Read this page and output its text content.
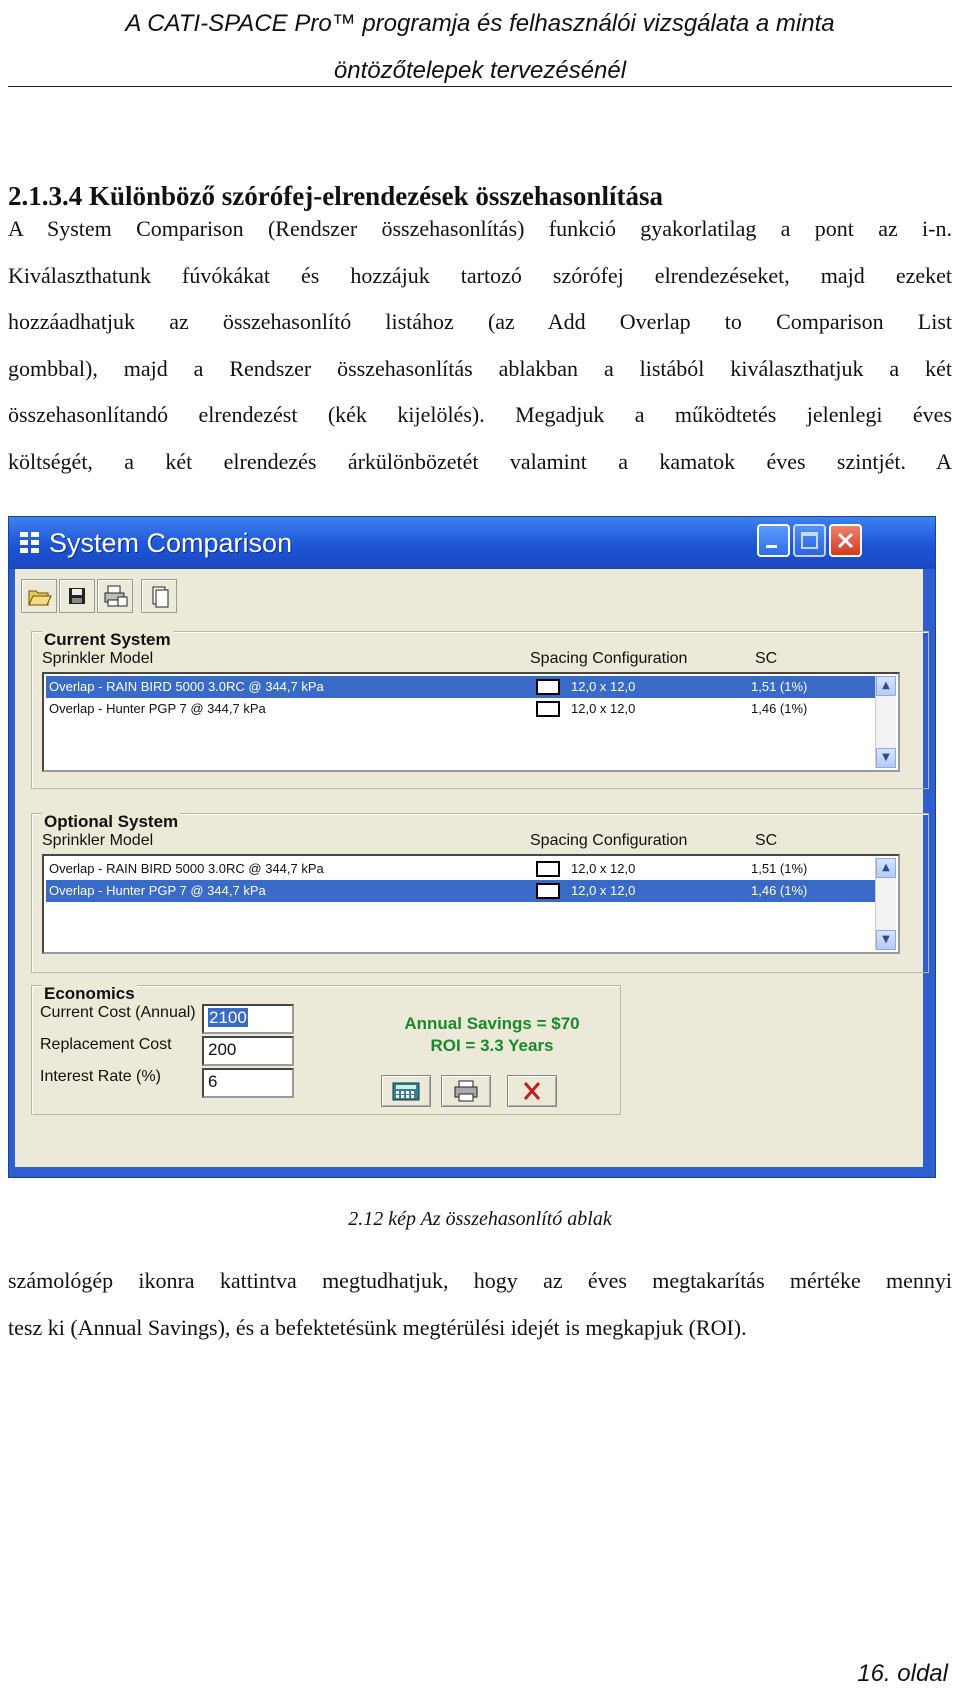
A CATI-SPACE Pro™ programja és felhasználói vizsgálata a minta
öntözőtelepek tervezésénél
2.1.3.4 Különböző szórófej-elrendezések összehasonlítása
A System Comparison (Rendszer összehasonlítás) funkció gyakorlatilag a pont az i-n.
Kiválaszthatunk fúvókákat és hozzájuk tartozó szórófej elrendezéseket, majd ezeket
hozzáadhatjuk az összehasonlító listához (az Add Overlap to Comparison List
gombbal), majd a Rendszer összehasonlítás ablakban a listából kiválaszthatjuk a két
összehasonlítandó elrendezést (kék kijelölés). Megadjuk a működtetés jelenlegi éves
költségét, a két elrendezés árkülönbözetét valamint a kamatok éves szintjét. A
System Comparison
Current System
Sprinkler Model	Spacing Configuration	SC
Overlap - RAIN BIRD 5000 3.0RC @ 344,7 kPa	12,0 x 12,0	1,51 (1%)
Overlap - Hunter PGP 7 @ 344,7 kPa	12,0 x 12,0	1,46 (1%)
▲
▼
Optional System
Sprinkler Model	Spacing Configuration	SC
Overlap - RAIN BIRD 5000 3.0RC @ 344,7 kPa	12,0 x 12,0	1,51 (1%)
Overlap - Hunter PGP 7 @ 344,7 kPa	12,0 x 12,0	1,46 (1%)
▲
▼
Economics
Current Cost (Annual) 2100
Replacement Cost	200
Interest Rate (%)	6
Annual Savings = $70
ROI = 3.3 Years
2.12 kép Az összehasonlító ablak
számológép ikonra kattintva megtudhatjuk, hogy az éves megtakarítás mértéke mennyi
tesz ki (Annual Savings), és a befektetésünk megtérülési idejét is megkapjuk (ROI).
16. oldal
